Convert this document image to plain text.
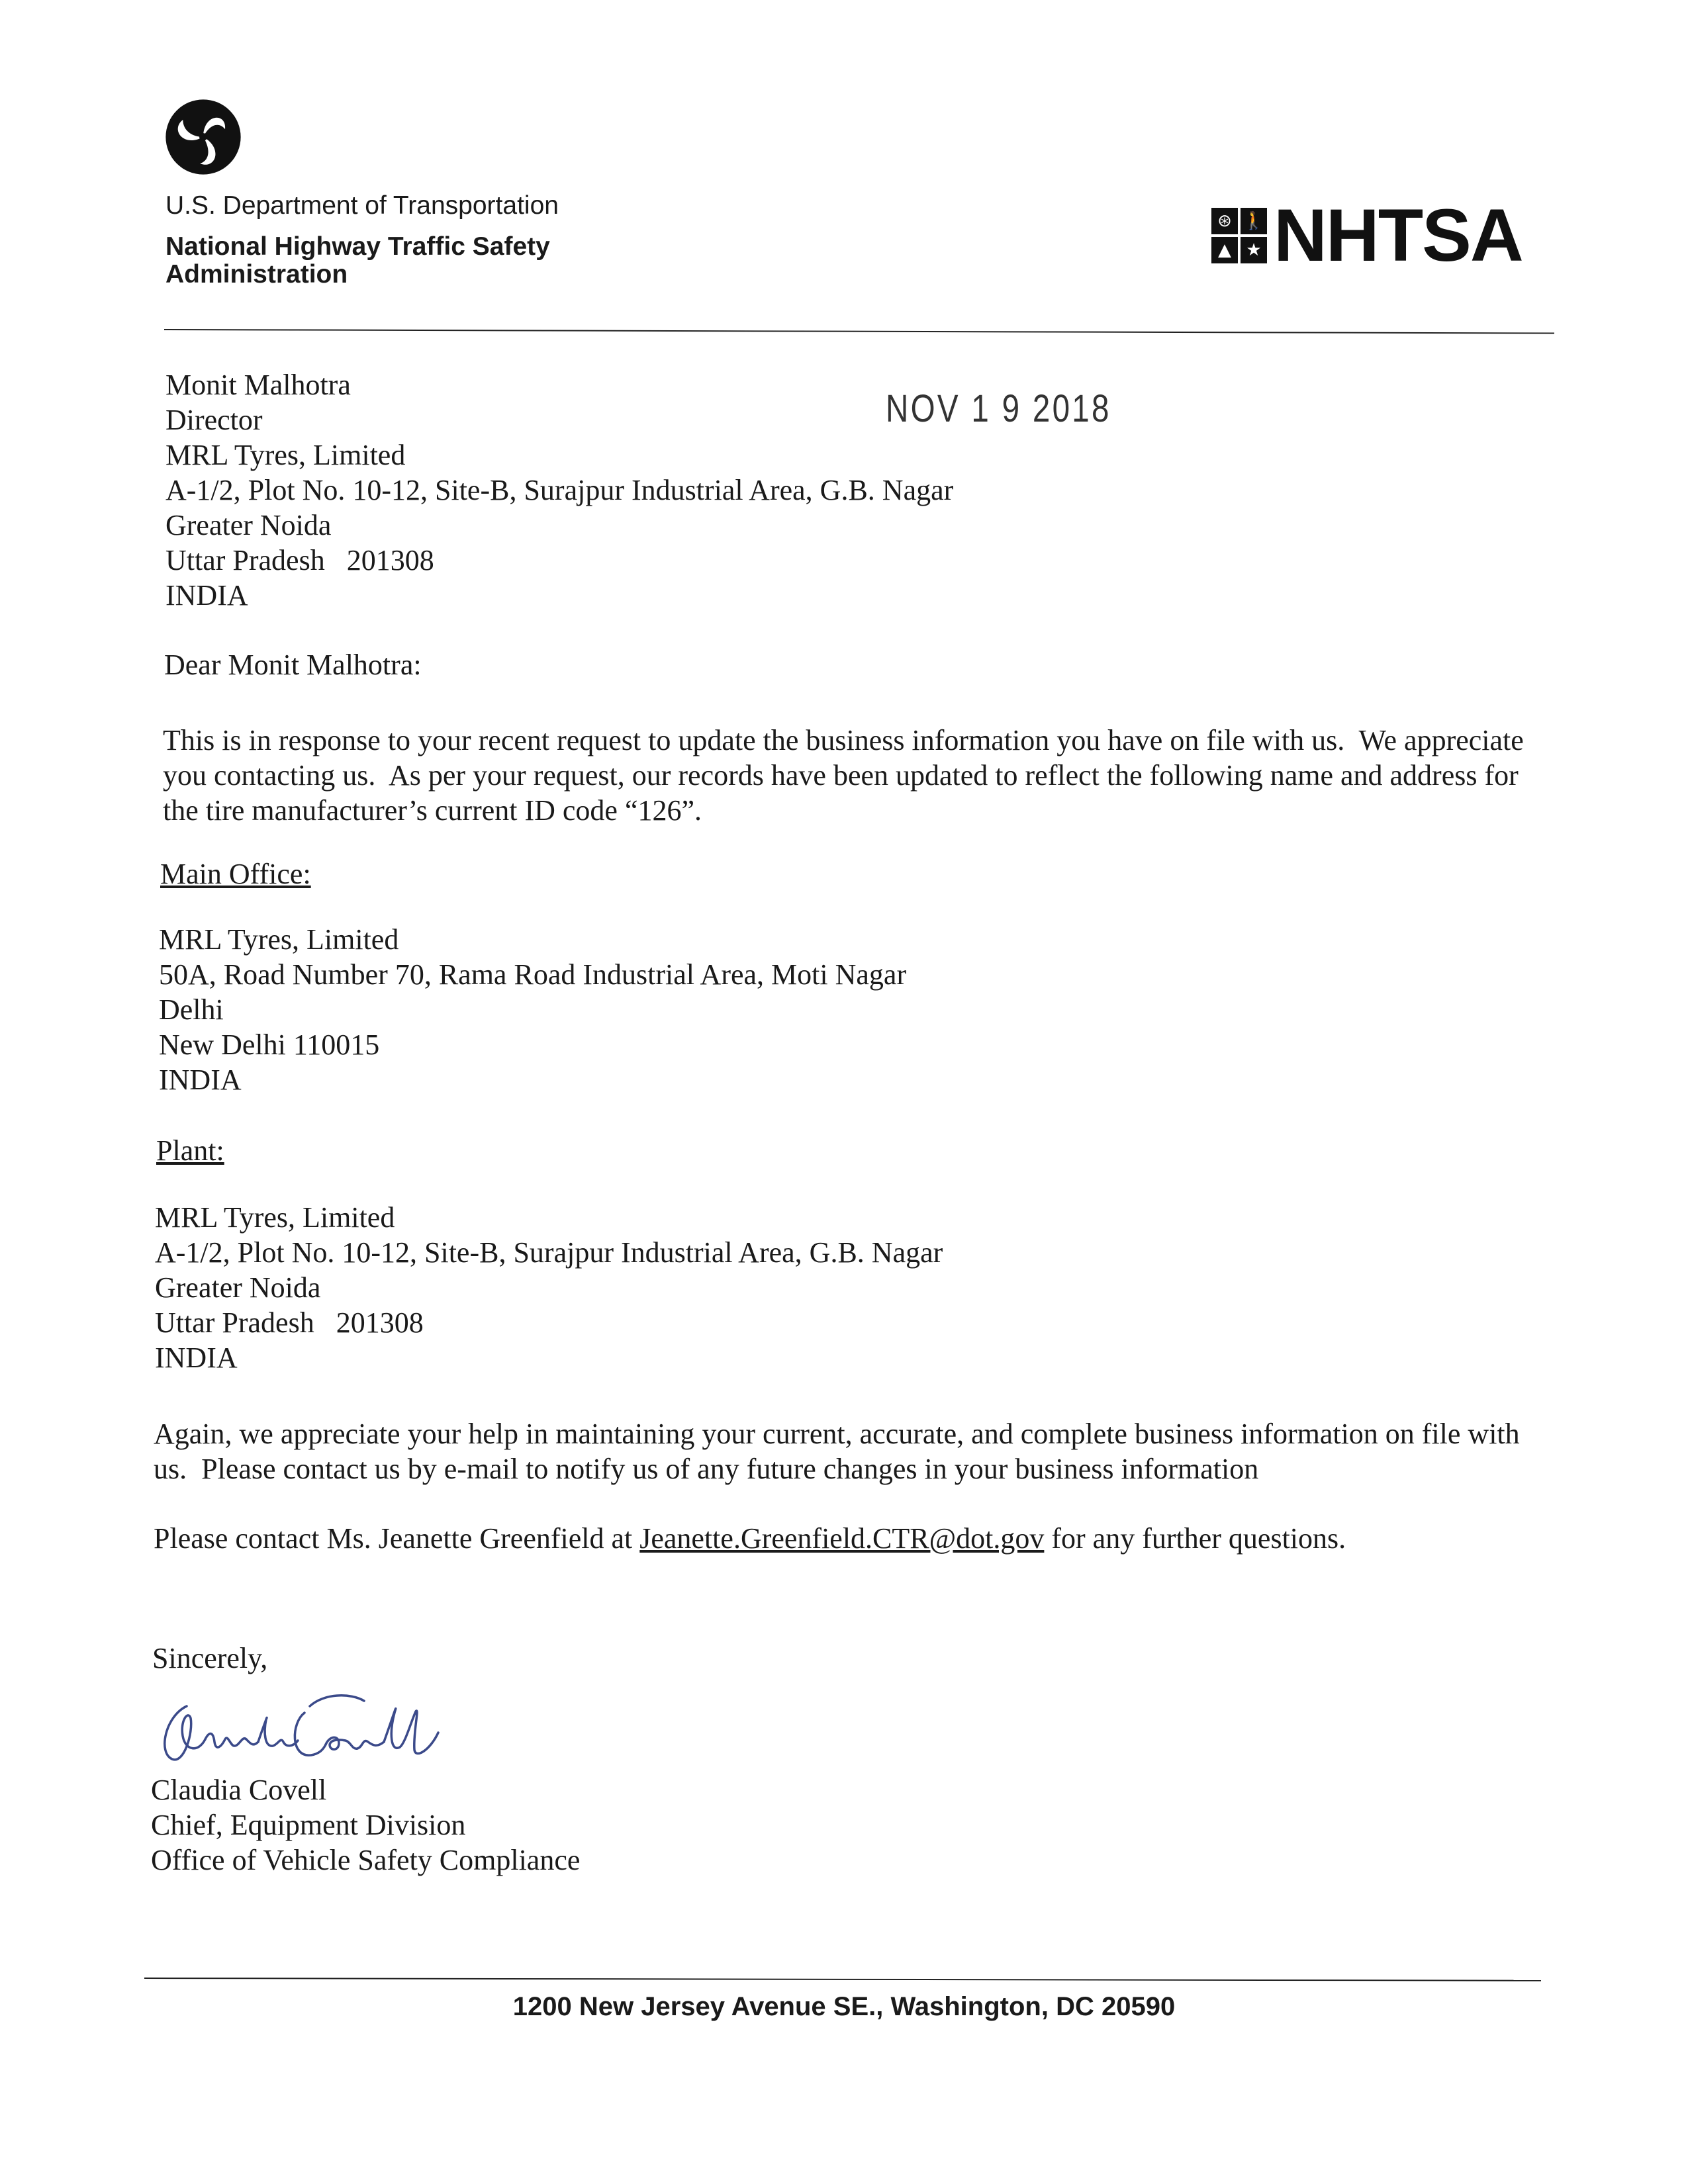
U.S. Department of Transportation
National Highway Traffic Safety
Administration
⊛ 🚶
▲ ★ NHTSA
NOV 1 9 2018
Monit Malhotra
Director
MRL Tyres, Limited
A-1/2, Plot No. 10-12, Site-B, Surajpur Industrial Area, G.B. Nagar
Greater Noida
Uttar Pradesh   201308
INDIA
Dear Monit Malhotra:
This is in response to your recent request to update the business information you have on file with us.  We appreciate you contacting us.  As per your request, our records have been updated to reflect the following name and address for the tire manufacturer’s current ID code “126”.
Main Office:
MRL Tyres, Limited
50A, Road Number 70, Rama Road Industrial Area, Moti Nagar
Delhi
New Delhi 110015
INDIA
Plant:
MRL Tyres, Limited
A-1/2, Plot No. 10-12, Site-B, Surajpur Industrial Area, G.B. Nagar
Greater Noida
Uttar Pradesh   201308
INDIA
Again, we appreciate your help in maintaining your current, accurate, and complete business information on file with us.  Please contact us by e-mail to notify us of any future changes in your business information
Please contact Ms. Jeanette Greenfield at Jeanette.Greenfield.CTR@dot.gov for any further questions.
Sincerely,
Claudia Covell
Chief, Equipment Division
Office of Vehicle Safety Compliance
1200 New Jersey Avenue SE., Washington, DC 20590
